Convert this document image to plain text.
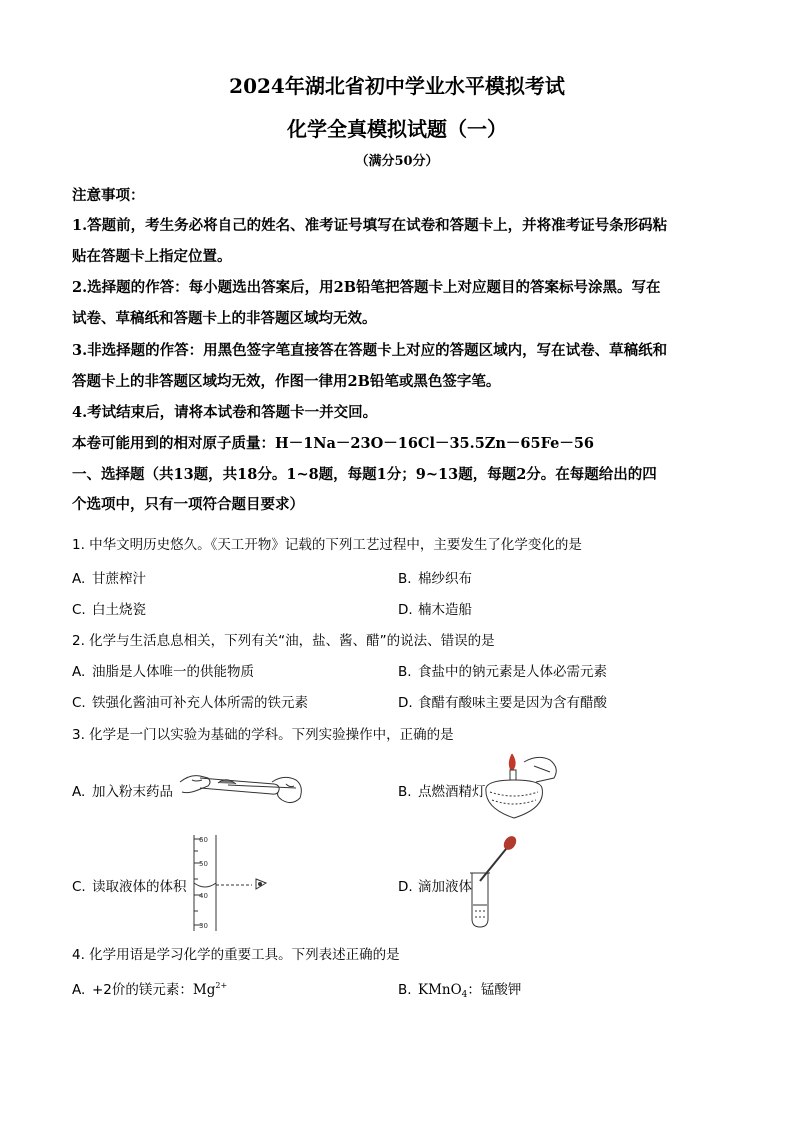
2024年湖北省初中学业水平模拟考试
化学全真模拟试题（一）
（满分50分）
注意事项：
1.答题前，考生务必将自己的姓名、准考证号填写在试卷和答题卡上，并将准考证号条形码粘
贴在答题卡上指定位置。
2.选择题的作答：每小题选出答案后，用2B铅笔把答题卡上对应题目的答案标号涂黑。写在
试卷、草稿纸和答题卡上的非答题区域均无效。
3.非选择题的作答：用黑色签字笔直接答在答题卡上对应的答题区域内，写在试卷、草稿纸和
答题卡上的非答题区域均无效，作图一律用2B铅笔或黑色签字笔。
4.考试结束后，请将本试卷和答题卡一并交回。
本卷可能用到的相对原子质量：H－1Na－23O－16Cl－35.5Zn－65Fe－56
一、选择题（共13题，共18分。1~8题，每题1分；9~13题，每题2分。在每题给出的四
个选项中，只有一项符合题目要求）
1. 中华文明历史悠久。《天工开物》记载的下列工艺过程中，主要发生了化学变化的是
A. 甘蔗榨汁	B. 棉纱织布
C. 白土烧瓷	D. 楠木造船
2. 化学与生活息息相关，下列有关“油，盐、酱、醋”的说法、错误的是
A. 油脂是人体唯一的供能物质	B. 食盐中的钠元素是人体必需元素
C. 铁强化酱油可补充人体所需的铁元素	D. 食醋有酸味主要是因为含有醋酸
3. 化学是一门以实验为基础的学科。下列实验操作中，正确的是
A. 加入粉末药品	B. 点燃酒精灯
C. 读取液体的体积
60
50
40
30
D. 滴加液体
4. 化学用语是学习化学的重要工具。下列表述正确的是
A. +2价的镁元素：$Mg^{2+}$	B. KMnO$_4$：锰酸钾
